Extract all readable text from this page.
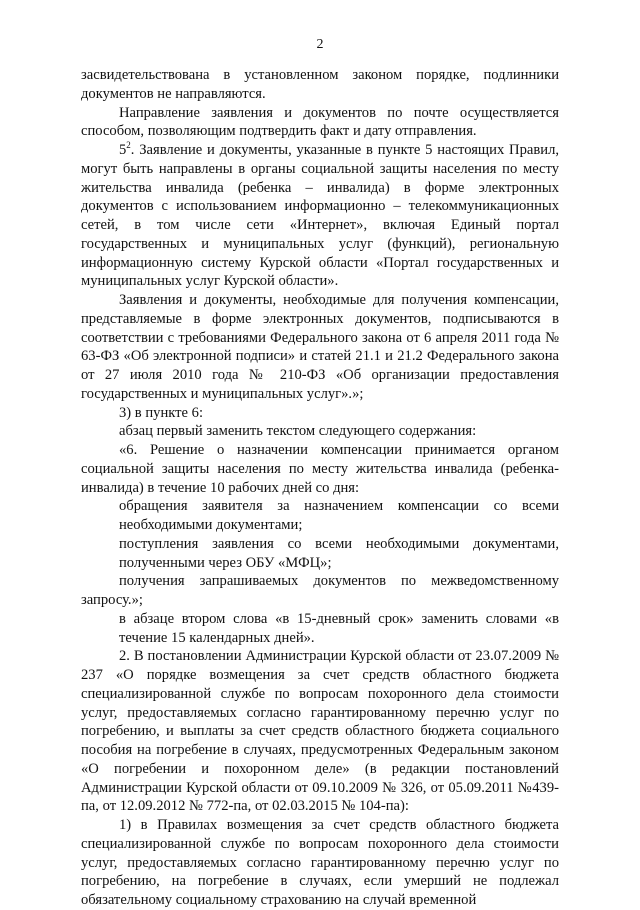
2

засвидетельствована в установленном законом порядке, подлинники документов не направляются.

Направление заявления и документов по почте осуществляется способом, позволяющим подтвердить факт и дату отправления.

$5^2$. Заявление и документы, указанные в пункте 5 настоящих Правил, могут быть направлены в органы социальной защиты населения по месту жительства инвалида (ребенка – инвалида) в форме электронных документов с использованием информационно – телекоммуникационных сетей, в том числе сети «Интернет», включая Единый портал государственных и муниципальных услуг (функций), региональную информационную систему Курской области «Портал государственных и муниципальных услуг Курской области».

Заявления и документы, необходимые для получения компенсации, представляемые в форме электронных документов, подписываются в соответствии с требованиями Федерального закона от 6 апреля 2011 года № 63-ФЗ «Об электронной подписи» и статей 21.1 и 21.2 Федерального закона от 27 июля 2010 года № 210-ФЗ «Об организации предоставления государственных и муниципальных услуг».»;

3) в пункте 6:

абзац первый заменить текстом следующего содержания:

«6. Решение о назначении компенсации принимается органом социальной защиты населения по месту жительства инвалида (ребенка-инвалида) в течение 10 рабочих дней со дня:

обращения заявителя за назначением компенсации со всеми необходимыми документами;

поступления заявления со всеми необходимыми документами, полученными через ОБУ «МФЦ»;

получения запрашиваемых документов по межведомственному запросу.»;

в абзаце втором слова «в 15-дневный срок» заменить словами «в течение 15 календарных дней».

2. В постановлении Администрации Курской области от 23.07.2009 № 237 «О порядке возмещения за счет средств областного бюджета специализированной службе по вопросам похоронного дела стоимости услуг, предоставляемых согласно гарантированному перечню услуг по погребению, и выплаты за счет средств областного бюджета социального пособия на погребение в случаях, предусмотренных Федеральным законом «О погребении и похоронном деле» (в редакции постановлений Администрации Курской области от 09.10.2009 № 326, от 05.09.2011 №439-па, от 12.09.2012 № 772-па, от 02.03.2015 № 104-па):

1) в Правилах возмещения за счет средств областного бюджета специализированной службе по вопросам похоронного дела стоимости услуг, предоставляемых согласно гарантированному перечню услуг по погребению, на погребение в случаях, если умерший не подлежал обязательному социальному страхованию на случай временной
